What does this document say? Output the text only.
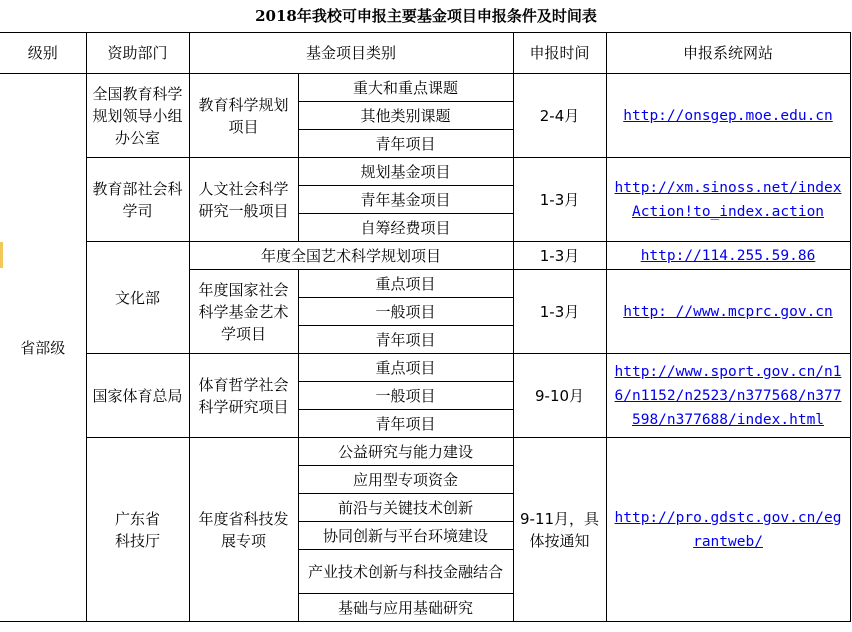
2018年我校可申报主要基金项目申报条件及时间表
级别	资助部门	基金项目类别		申报时间	申报系统网站
省部级	全国教育科学规划领导小组办公室	教育科学规划项目	重大和重点课题	2-4月	http://onsgep.moe.edu.cn
			其他类别课题		
			青年项目		
	教育部社会科学司	人文社会科学研究一般项目	规划基金项目	1-3月	http://xm.sinoss.net/index
Action!to_index.action

			青年基金项目		
			自筹经费项目		
	文化部	年度全国艺术科学规划项目		1-3月	http://114.255.59.86
		年度国家社会科学基金艺术学项目	重点项目	1-3月	http: //www.mcprc.gov.cn
			一般项目		
			青年项目		
	国家体育总局	体育哲学社会科学研究项目	重点项目	9-10月	http://www.sport.gov.cn/n1
6/n1152/n2523/n377568/n377
598/n377688/index.html

			一般项目		
			青年项目		

	广东省
科技厅	年度省科技发展专项	公益研究与能力建设	9-11月，具体按通知	http://pro.gdstc.gov.cn/eg
rantweb/

			应用型专项资金		
			前沿与关键技术创新		
			协同创新与平台环境建设		
			产业技术创新与科技金融结合		
			基础与应用基础研究		
